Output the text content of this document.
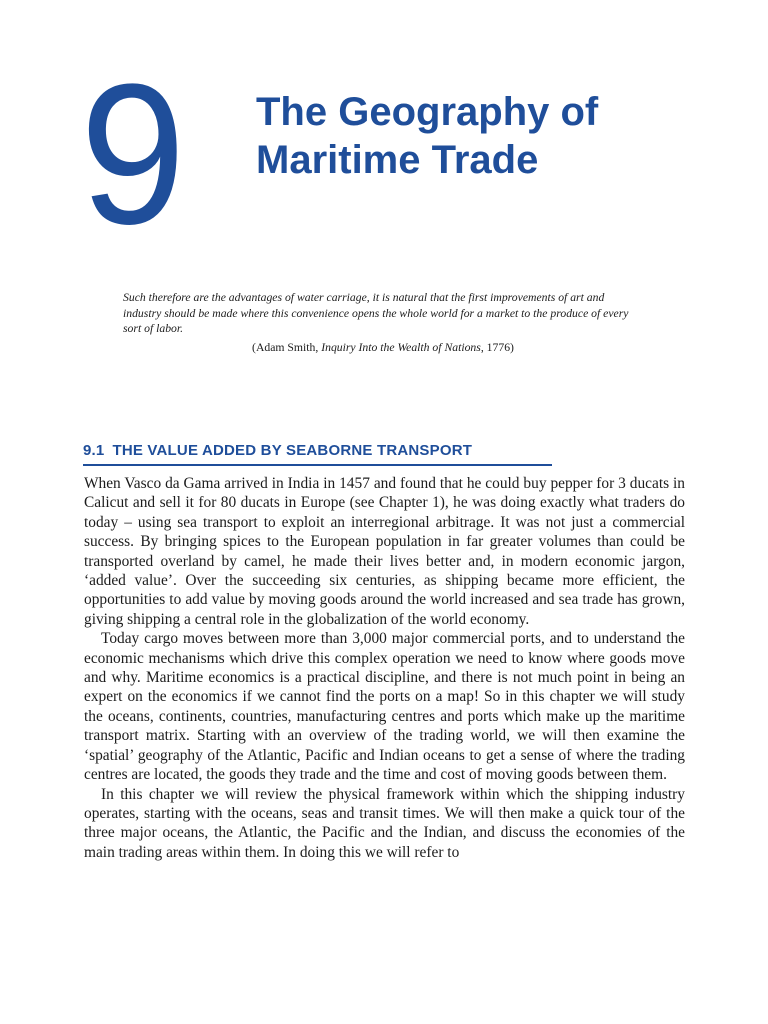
9 The Geography of
Maritime Trade

Such therefore are the advantages of water carriage, it is natural that the first improvements of art and industry should be made where this convenience opens the whole world for a market to the produce of every sort of labor.

(Adam Smith, Inquiry Into the Wealth of Nations, 1776)

9.1 THE VALUE ADDED BY SEABORNE TRANSPORT

When Vasco da Gama arrived in India in 1457 and found that he could buy pepper for 3 ducats in Calicut and sell it for 80 ducats in Europe (see Chapter 1), he was doing exactly what traders do today – using sea transport to exploit an interregional arbitrage. It was not just a commercial success. By bringing spices to the European population in far greater volumes than could be transported overland by camel, he made their lives better and, in modern economic jargon, ‘added value’. Over the succeeding six centuries, as shipping became more efficient, the opportunities to add value by moving goods around the world increased and sea trade has grown, giving shipping a central role in the globalization of the world economy.

Today cargo moves between more than 3,000 major commercial ports, and to understand the economic mechanisms which drive this complex operation we need to know where goods move and why. Maritime economics is a practical discipline, and there is not much point in being an expert on the economics if we cannot find the ports on a map! So in this chapter we will study the oceans, continents, countries, manufacturing centres and ports which make up the maritime transport matrix. Starting with an overview of the trading world, we will then examine the ‘spatial’ geography of the Atlantic, Pacific and Indian oceans to get a sense of where the trading centres are located, the goods they trade and the time and cost of moving goods between them.

In this chapter we will review the physical framework within which the shipping industry operates, starting with the oceans, seas and transit times. We will then make a quick tour of the three major oceans, the Atlantic, the Pacific and the Indian, and discuss the economies of the main trading areas within them. In doing this we will refer to
